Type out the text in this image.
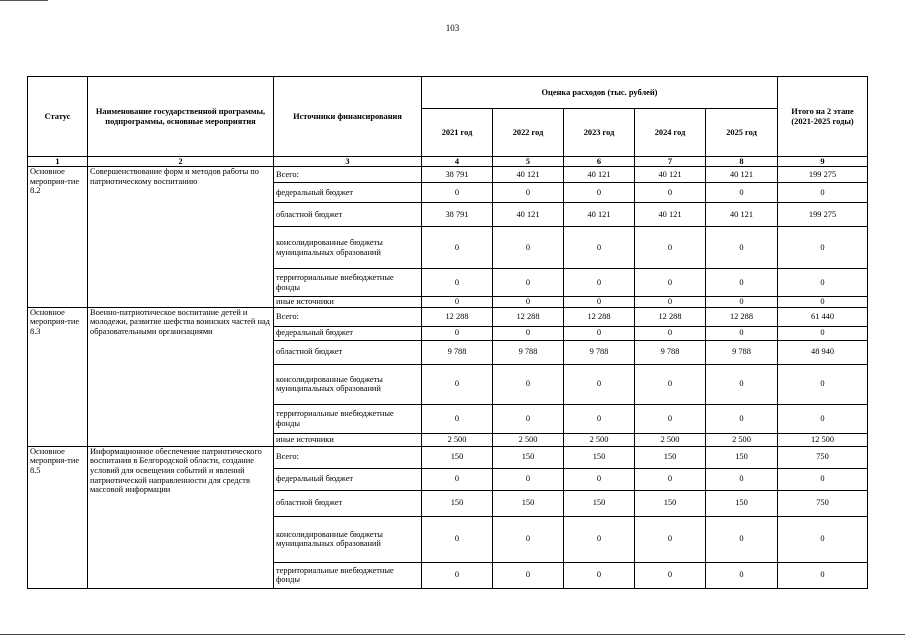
103
Статус	Наименование государственной программы, подпрограммы, основные мероприятия	Источники финансирования	Оценка расходов (тыс. рублей)					Итого на 2 этапе (2021-2025 годы)
			2021 год	2022 год	2023 год	2024 год	2025 год	
1	2	3	4	5	6	7	8	9
Основное мероприя-тие 8.2	Совершенствование форм и методов работы по патриотическому воспитанию	Всего:	38 791	40 121	40 121	40 121	40 121	199 275
		федеральный бюджет	0	0	0	0	0	0
		областной бюджет	38 791	40 121	40 121	40 121	40 121	199 275
		консолидированные бюджеты муниципальных образований	0	0	0	0	0	0
		территориальные внебюджетные фонды	0	0	0	0	0	0
		иные источники	0	0	0	0	0	0
Основное мероприя-тие 8.3	Военно-патриотическое воспитание детей и молодежи, развитие шефства воинских частей над образовательными организациями	Всего:	12 288	12 288	12 288	12 288	12 288	61 440
		федеральный бюджет	0	0	0	0	0	0
		областной бюджет	9 788	9 788	9 788	9 788	9 788	48 940
		консолидированные бюджеты муниципальных образований	0	0	0	0	0	0
		территориальные внебюджетные фонды	0	0	0	0	0	0
		иные источники	2 500	2 500	2 500	2 500	2 500	12 500
Основное мероприя-тие 8.5	Информационное обеспечение патриотического воспитания в Белгородской области, создание условий для освещения событий и явлений патриотической направленности для средств массовой информации	Всего:	150	150	150	150	150	750
		федеральный бюджет	0	0	0	0	0	0
		областной бюджет	150	150	150	150	150	750
		консолидированные бюджеты муниципальных образований	0	0	0	0	0	0
		территориальные внебюджетные фонды	0	0	0	0	0	0
